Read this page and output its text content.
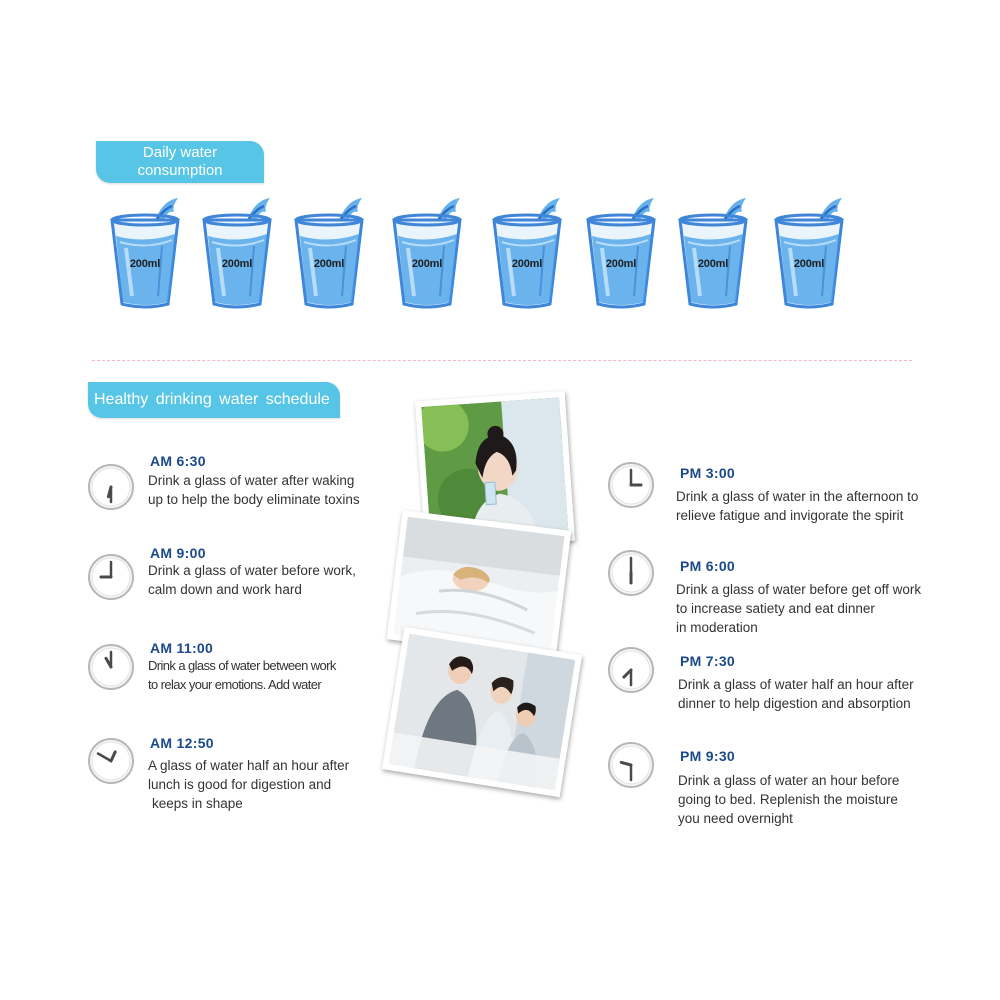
Daily water
consumption
200ml	200ml	200ml	200ml	200ml	200ml	200ml	200ml
Healthy drinking water schedule
AM 6:30
Drink a glass of water after waking
up to help the body eliminate toxins
AM 9:00
Drink a glass of water before work,
calm down and work hard
AM 11:00
Drink a glass of water between work
to relax your emotions. Add water
AM 12:50
A glass of water half an hour after
lunch is good for digestion and
keeps in shape
PM 3:00
Drink a glass of water in the afternoon to
relieve fatigue and invigorate the spirit
PM 6:00
Drink a glass of water before get off work
to increase satiety and eat dinner
in moderation
PM 7:30
Drink a glass of water half an hour after
dinner to help digestion and absorption
PM 9:30
Drink a glass of water an hour before
going to bed. Replenish the moisture
you need overnight
